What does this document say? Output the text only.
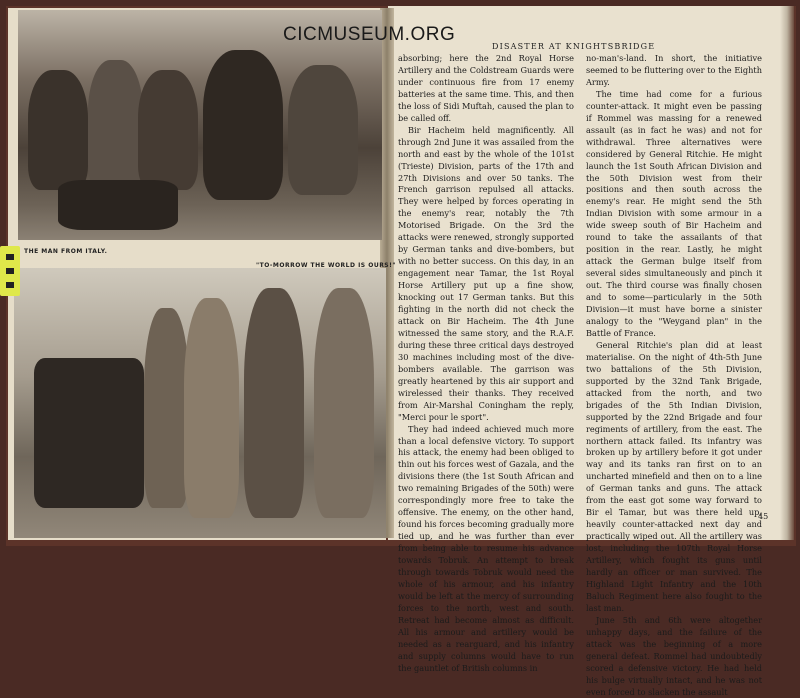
THE MAN FROM ITALY.
"TO-MORROW THE WORLD IS OURS!"
CICMUSEUM.ORG
DISASTER AT KNIGHTSBRIDGE

absorbing; here the 2nd Royal Horse Artillery and the Coldstream Guards were under continuous fire from 17 enemy batteries at the same time. This, and then the loss of Sidi Muftah, caused the plan to be called off.

Bir Hacheim held magnificently. All through 2nd June it was assailed from the north and east by the whole of the 101st (Trieste) Division, parts of the 17th and 27th Divisions and over 50 tanks. The French garrison repulsed all attacks. They were helped by forces operating in the enemy's rear, notably the 7th Motorised Brigade. On the 3rd the attacks were renewed, strongly supported by German tanks and dive-bombers, but with no better success. On this day, in an engagement near Tamar, the 1st Royal Horse Artillery put up a fine show, knocking out 17 German tanks. But this fighting in the north did not check the attack on Bir Hacheim. The 4th June witnessed the same story, and the R.A.F. during these three critical days destroyed 30 machines including most of the dive-bombers available. The garrison was greatly heartened by this air support and wirelessed their thanks. They received from Air-Marshal Coningham the reply, "Merci pour le sport".

They had indeed achieved much more than a local defensive victory. To support his attack, the enemy had been obliged to thin out his forces west of Gazala, and the divisions there (the 1st South African and two remaining Brigades of the 50th) were correspondingly more free to take the offensive. The enemy, on the other hand, found his forces becoming gradually more tied up, and he was further than ever from being able to resume his advance towards Tobruk. An attempt to break through towards Tobruk would need the whole of his armour, and his infantry would be left at the mercy of surrounding forces to the north, west and south. Retreat had become almost as difficult. All his armour and artillery would be needed as a rearguard, and his infantry and supply columns would have to run the gauntlet of British columns in

no-man's-land. In short, the initiative seemed to be fluttering over to the Eighth Army.

The time had come for a furious counter-attack. It might even be passing if Rommel was massing for a renewed assault (as in fact he was) and not for withdrawal. Three alternatives were considered by General Ritchie. He might launch the 1st South African Division and the 50th Division west from their positions and then south across the enemy's rear. He might send the 5th Indian Division with some armour in a wide sweep south of Bir Hacheim and round to take the assailants of that position in the rear. Lastly, he might attack the German bulge itself from several sides simultaneously and pinch it out. The third course was finally chosen and to some—particularly in the 50th Division—it must have borne a sinister analogy to the "Weygand plan" in the Battle of France.

General Ritchie's plan did at least materialise. On the night of 4th-5th June two battalions of the 5th Division, supported by the 32nd Tank Brigade, attacked from the north, and two brigades of the 5th Indian Division, supported by the 22nd Brigade and four regiments of artillery, from the east. The northern attack failed. Its infantry was broken up by artillery before it got under way and its tanks ran first on to an uncharted minefield and then on to a line of German tanks and guns. The attack from the east got some way forward to Bir el Tamar, but was there held up, heavily counter-attacked next day and practically wiped out. All the artillery was lost, including the 107th Royal Horse Artillery, which fought its guns until hardly an officer or man survived. The Highland Light Infantry and the 10th Baluch Regiment here also fought to the last man.

June 5th and 6th were altogether unhappy days, and the failure of the attack was the beginning of a more general defeat. Rommel had undoubtedly scored a defensive victory. He had held his bulge virtually intact, and he was not even forced to slacken the assault

45
